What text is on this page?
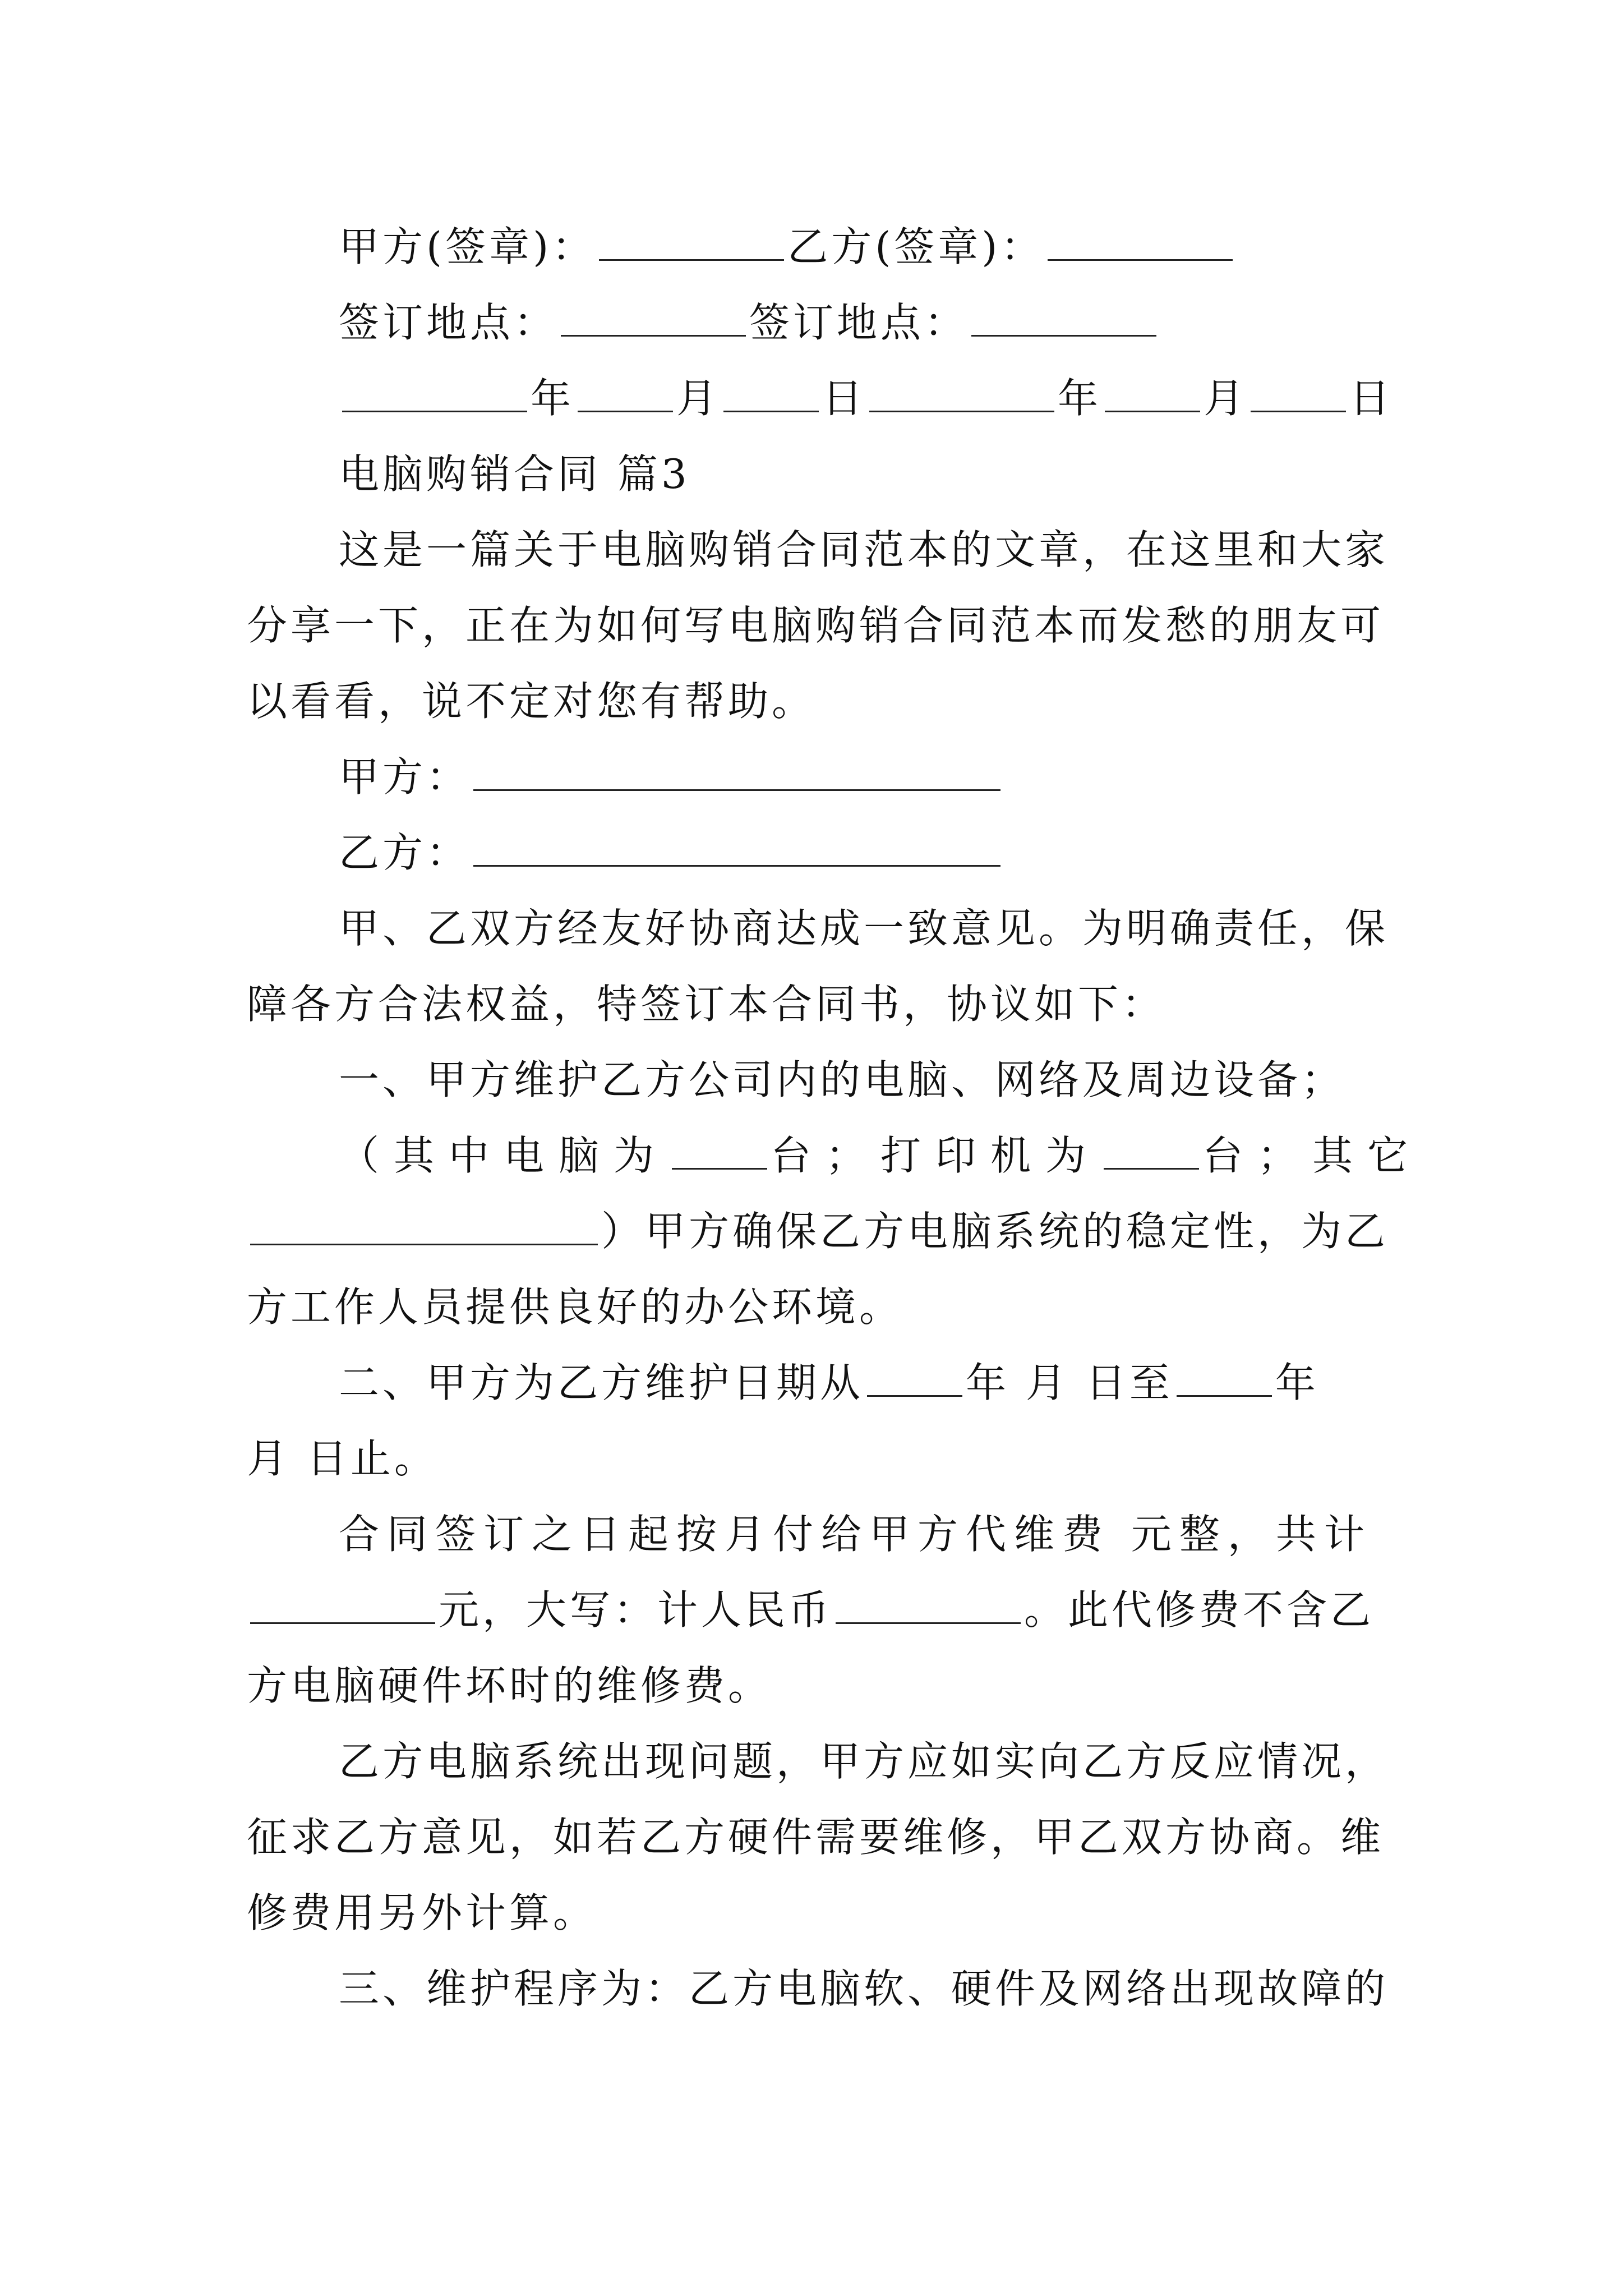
甲方(签章)：	乙方(签章)：
签订地点：	签订地点：
年	月	日	年	月	日
电脑购销合同 篇3
这是一篇关于电脑购销合同范本的文章，在这里和大家
分享一下，正在为如何写电脑购销合同范本而发愁的朋友可
以看看，说不定对您有帮助。
甲方：
乙方：
甲、乙双方经友好协商达成一致意见。为明确责任，保
障各方合法权益，特签订本合同书，协议如下：
一、甲方维护乙方公司内的电脑、网络及周边设备；
（其中电脑为	台；打印机为	台；其它
）甲方确保乙方电脑系统的稳定性，为乙
方工作人员提供良好的办公环境。
二、甲方为乙方维护日期从	年 月 日至	年
月 日止。
合同签订之日起按月付给甲方代维费 元整，共计
元，大写：计人民币	。此代修费不含乙
方电脑硬件坏时的维修费。
乙方电脑系统出现问题，甲方应如实向乙方反应情况，
征求乙方意见，如若乙方硬件需要维修，甲乙双方协商。维
修费用另外计算。
三、维护程序为：乙方电脑软、硬件及网络出现故障的
